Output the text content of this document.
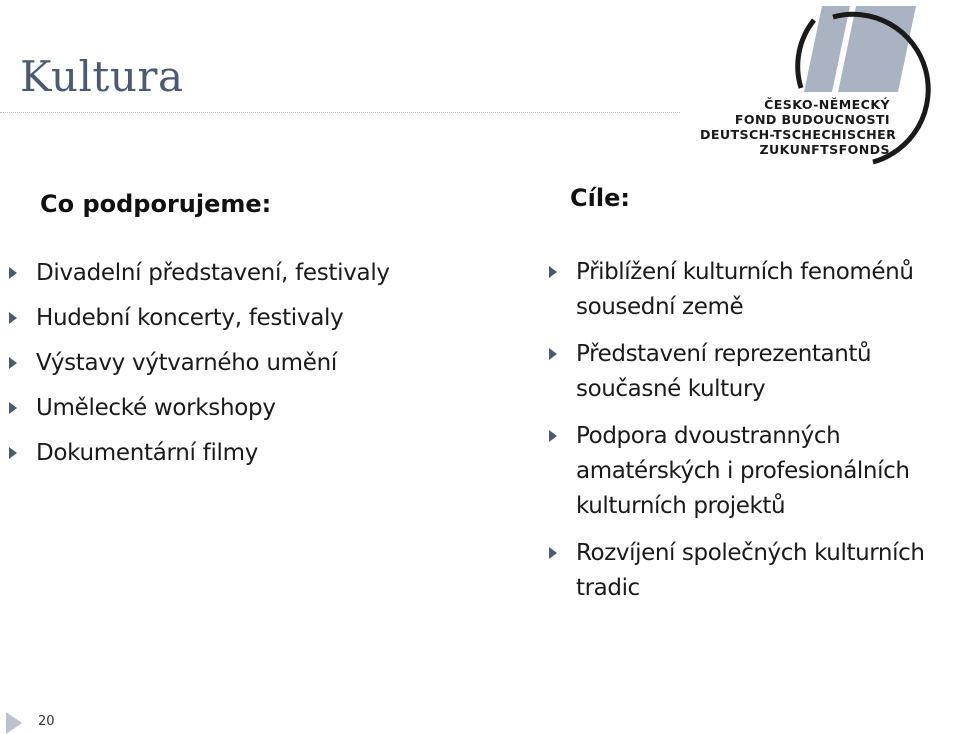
Kultura
ČESKO-NĚMECKÝ
FOND BUDOUCNOSTI
DEUTSCH-TSCHECHISCHER
ZUKUNFTSFONDS
Co podporujeme:	Cíle:
Divadelní představení, festivaly
Hudební koncerty, festivaly
Výstavy výtvarného umění
Umělecké workshopy
Dokumentární filmy
Přiblížení kulturních fenoménů
sousední země
Představení reprezentantů
současné kultury
Podpora dvoustranných
amatérských i profesionálních
kulturních projektů
Rozvíjení společných kulturních
tradic
20
